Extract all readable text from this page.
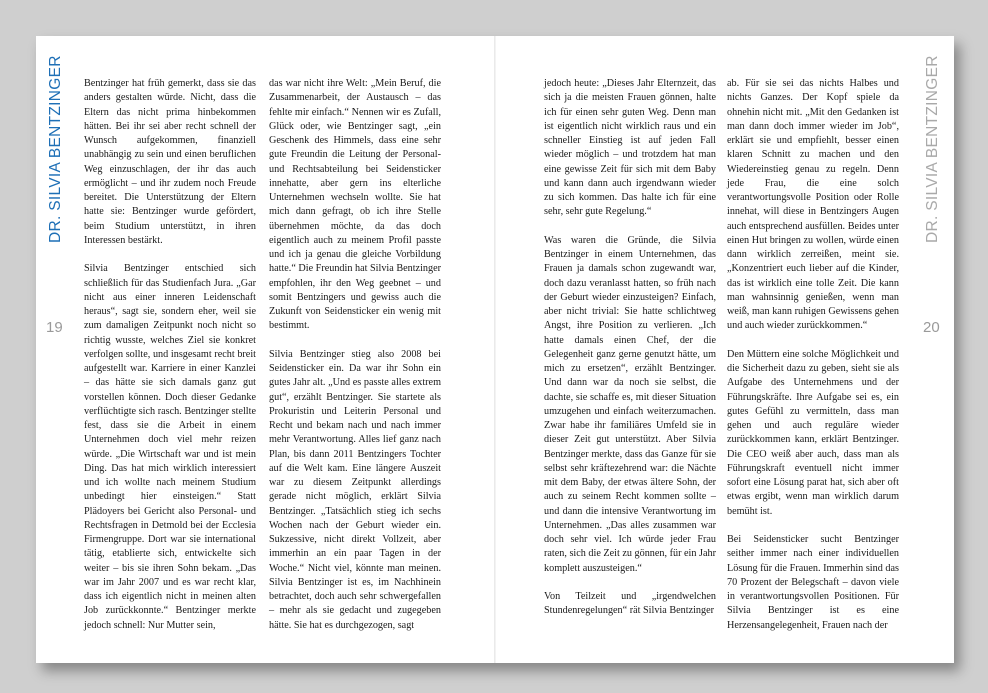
DR. SILVIA BENTZINGER
19

Bentzinger hat früh gemerkt, dass sie das anders gestalten würde. Nicht, dass die Eltern das nicht prima hinbekommen hätten. Bei ihr sei aber recht schnell der Wunsch aufgekommen, finanziell unabhängig zu sein und einen beruflichen Weg einzuschlagen, der ihr das auch ermöglicht – und ihr zudem noch Freude bereitet. Die Unterstützung der Eltern hatte sie: Bentzinger wurde gefördert, beim Studium unterstützt, in ihren Interessen bestärkt.

Silvia Bentzinger entschied sich schließlich für das Studienfach Jura. „Gar nicht aus einer inneren Leidenschaft heraus“, sagt sie, sondern eher, weil sie zum damaligen Zeitpunkt noch nicht so richtig wusste, welches Ziel sie konkret verfolgen sollte, und insgesamt recht breit aufgestellt war. Karriere in einer Kanzlei – das hätte sie sich damals ganz gut vorstellen können. Doch dieser Gedanke verflüchtigte sich rasch. Bentzinger stellte fest, dass sie die Arbeit in einem Unternehmen doch viel mehr reizen würde. „Die Wirtschaft war und ist mein Ding. Das hat mich wirklich interessiert und ich wollte nach meinem Studium unbedingt hier einsteigen.“ Statt Plädoyers bei Gericht also Personal- und Rechtsfragen in Detmold bei der Ecclesia Firmengruppe. Dort war sie international tätig, etablierte sich, entwickelte sich weiter – bis sie ihren Sohn bekam. „Das war im Jahr 2007 und es war recht klar, dass ich eigentlich nicht in meinen alten Job zurückkonnte.“ Bentzinger merkte jedoch schnell: Nur Mutter sein,

das war nicht ihre Welt: „Mein Beruf, die Zusammenarbeit, der Austausch – das fehlte mir einfach.“ Nennen wir es Zufall, Glück oder, wie Bentzinger sagt, „ein Geschenk des Himmels, dass eine sehr gute Freundin die Leitung der Personal- und Rechtsabteilung bei Seidensticker innehatte, aber gern ins elterliche Unternehmen wechseln wollte. Sie hat mich dann gefragt, ob ich ihre Stelle übernehmen möchte, da das doch eigentlich auch zu meinem Profil passte und ich ja genau die gleiche Vorbildung hatte.“ Die Freundin hat Silvia Bentzinger empfohlen, ihr den Weg geebnet – und somit Bentzingers und gewiss auch die Zukunft von Seidensticker ein wenig mit bestimmt.

Silvia Bentzinger stieg also 2008 bei Seidensticker ein. Da war ihr Sohn ein gutes Jahr alt. „Und es passte alles extrem gut“, erzählt Bentzinger. Sie startete als Prokuristin und Leiterin Personal und Recht und bekam nach und nach immer mehr Verantwortung. Alles lief ganz nach Plan, bis dann 2011 Bentzingers Tochter auf die Welt kam. Eine längere Auszeit war zu diesem Zeitpunkt allerdings gerade nicht möglich, erklärt Silvia Bentzinger. „Tatsächlich stieg ich sechs Wochen nach der Geburt wieder ein. Sukzessive, nicht direkt Vollzeit, aber immerhin an ein paar Tagen in der Woche.“ Nicht viel, könnte man meinen. Silvia Bentzinger ist es, im Nachhinein betrachtet, doch auch sehr schwergefallen – mehr als sie gedacht und zugegeben hätte. Sie hat es durchgezogen, sagt

jedoch heute: „Dieses Jahr Elternzeit, das sich ja die meisten Frauen gönnen, halte ich für einen sehr guten Weg. Denn man ist eigentlich nicht wirklich raus und ein schneller Einstieg ist auf jeden Fall wieder möglich – und trotzdem hat man eine gewisse Zeit für sich mit dem Baby und kann dann auch irgendwann wieder zu sich kommen. Das halte ich für eine sehr, sehr gute Regelung.“

Was waren die Gründe, die Silvia Bentzinger in einem Unternehmen, das Frauen ja damals schon zugewandt war, doch dazu veranlasst hatten, so früh nach der Geburt wieder einzusteigen? Einfach, aber nicht trivial: Sie hatte schlichtweg Angst, ihre Position zu verlieren. „Ich hatte damals einen Chef, der die Gelegenheit ganz gerne genutzt hätte, um mich zu ersetzen“, erzählt Bentzinger. Und dann war da noch sie selbst, die dachte, sie schaffe es, mit dieser Situation umzugehen und einfach weiterzumachen. Zwar habe ihr familiäres Umfeld sie in dieser Zeit gut unterstützt. Aber Silvia Bentzinger merkte, dass das Ganze für sie selbst sehr kräftezehrend war: die Nächte mit dem Baby, der etwas ältere Sohn, der auch zu seinem Recht kommen sollte – und dann die intensive Verantwortung im Unternehmen. „Das alles zusammen war doch sehr viel. Ich würde jeder Frau raten, sich die Zeit zu gönnen, für ein Jahr komplett auszusteigen.“

Von Teilzeit und „irgendwelchen Stundenregelungen“ rät Silvia Bentzinger

ab. Für sie sei das nichts Halbes und nichts Ganzes. Der Kopf spiele da ohnehin nicht mit. „Mit den Gedanken ist man dann doch immer wieder im Job“, erklärt sie und empfiehlt, besser einen klaren Schnitt zu machen und den Wiedereinstieg genau zu regeln. Denn jede Frau, die eine solch verantwortungsvolle Position oder Rolle innehat, will diese in Bentzingers Augen auch entsprechend ausfüllen. Beides unter einen Hut bringen zu wollen, würde einen dann wirklich zerreißen, meint sie. „Konzentriert euch lieber auf die Kinder, das ist wirklich eine tolle Zeit. Die kann man wahnsinnig genießen, wenn man weiß, man kann ruhigen Gewissens gehen und auch wieder zurückkommen.“

Den Müttern eine solche Möglichkeit und die Sicherheit dazu zu geben, sieht sie als Aufgabe des Unternehmens und der Führungskräfte. Ihre Aufgabe sei es, ein gutes Gefühl zu vermitteln, dass man gehen und auch reguläre wieder zurückkommen kann, erklärt Bentzinger. Die CEO weiß aber auch, dass man als Führungskraft eventuell nicht immer sofort eine Lösung parat hat, sich aber oft etwas ergibt, wenn man wirklich darum bemüht ist.

Bei Seidensticker sucht Bentzinger seither immer nach einer individuellen Lösung für die Frauen. Immerhin sind das 70 Prozent der Belegschaft – davon viele in verantwortungsvollen Positionen. Für Silvia Bentzinger ist es eine Herzensangelegenheit, Frauen nach der

DR. SILVIA BENTZINGER
20
